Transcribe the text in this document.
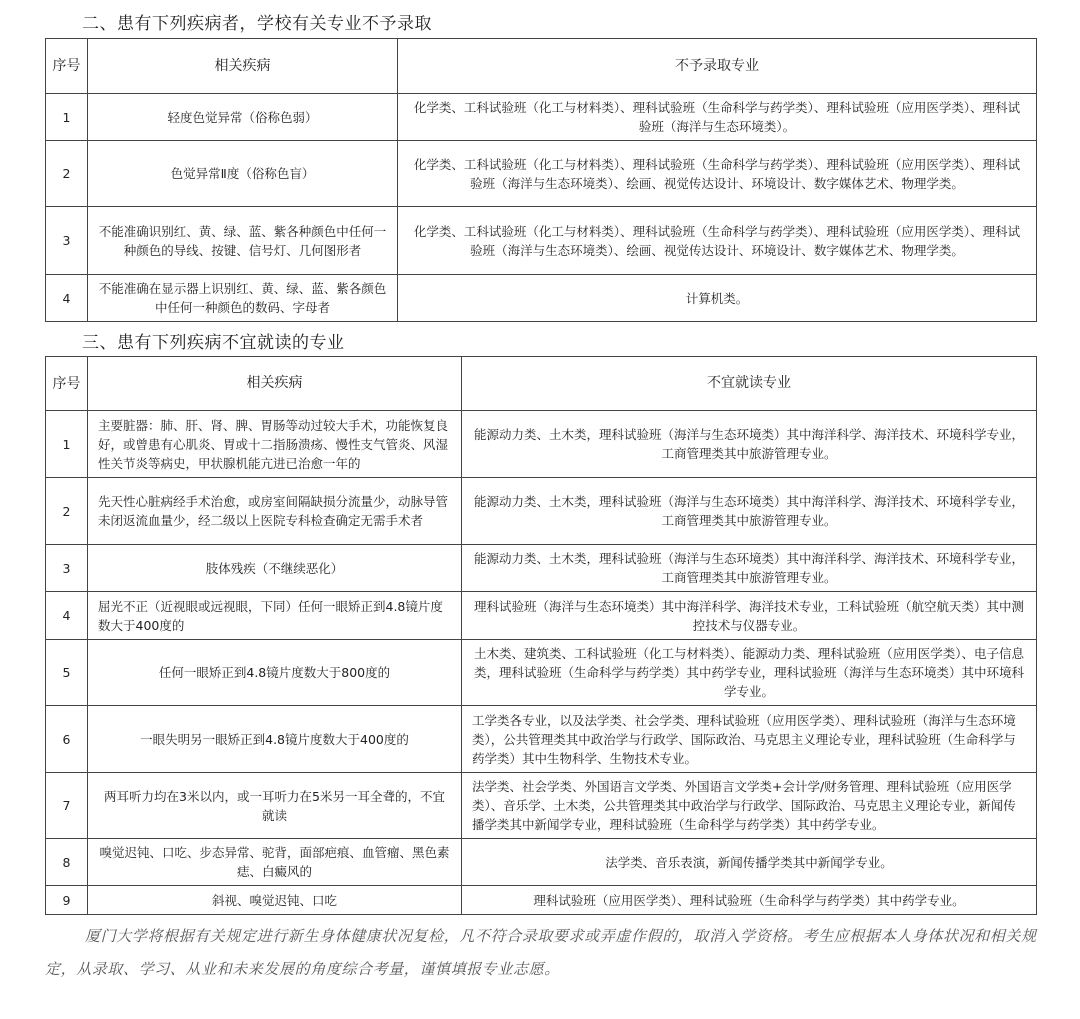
二、患有下列疾病者，学校有关专业不予录取
序号	相关疾病	不予录取专业
1	轻度色觉异常（俗称色弱）	化学类、工科试验班（化工与材料类）、理科试验班（生命科学与药学类）、理科试验班（应用医学类）、理科试验班（海洋与生态环境类）。
2	色觉异常Ⅱ度（俗称色盲）	化学类、工科试验班（化工与材料类）、理科试验班（生命科学与药学类）、理科试验班（应用医学类）、理科试验班（海洋与生态环境类）、绘画、视觉传达设计、环境设计、数字媒体艺术、物理学类。
3	不能准确识别红、黄、绿、蓝、紫各种颜色中任何一种颜色的导线、按键、信号灯、几何图形者	化学类、工科试验班（化工与材料类）、理科试验班（生命科学与药学类）、理科试验班（应用医学类）、理科试验班（海洋与生态环境类）、绘画、视觉传达设计、环境设计、数字媒体艺术、物理学类。
4	不能准确在显示器上识别红、黄、绿、蓝、紫各颜色中任何一种颜色的数码、字母者	计算机类。
三、患有下列疾病不宜就读的专业
序号	相关疾病	不宜就读专业
1	主要脏器：肺、肝、肾、脾、胃肠等动过较大手术，功能恢复良好，或曾患有心肌炎、胃或十二指肠溃疡、慢性支气管炎、风湿性关节炎等病史，甲状腺机能亢进已治愈一年的	能源动力类、土木类，理科试验班（海洋与生态环境类）其中海洋科学、海洋技术、环境科学专业，工商管理类其中旅游管理专业。
2	先天性心脏病经手术治愈，或房室间隔缺损分流量少，动脉导管未闭返流血量少，经二级以上医院专科检查确定无需手术者	能源动力类、土木类，理科试验班（海洋与生态环境类）其中海洋科学、海洋技术、环境科学专业，工商管理类其中旅游管理专业。
3	肢体残疾（不继续恶化）	能源动力类、土木类，理科试验班（海洋与生态环境类）其中海洋科学、海洋技术、环境科学专业，工商管理类其中旅游管理专业。
4	屈光不正（近视眼或远视眼，下同）任何一眼矫正到4.8镜片度数大于400度的	理科试验班（海洋与生态环境类）其中海洋科学、海洋技术专业，工科试验班（航空航天类）其中测控技术与仪器专业。
5	任何一眼矫正到4.8镜片度数大于800度的	土木类、建筑类、工科试验班（化工与材料类）、能源动力类、理科试验班（应用医学类）、电子信息类，理科试验班（生命科学与药学类）其中药学专业，理科试验班（海洋与生态环境类）其中环境科学专业。
6	一眼失明另一眼矫正到4.8镜片度数大于400度的	工学类各专业，以及法学类、社会学类、理科试验班（应用医学类）、理科试验班（海洋与生态环境类），公共管理类其中政治学与行政学、国际政治、马克思主义理论专业，理科试验班（生命科学与药学类）其中生物科学、生物技术专业。
7	两耳听力均在3米以内，或一耳听力在5米另一耳全聋的，不宜就读	法学类、社会学类、外国语言文学类、外国语言文学类+会计学/财务管理、理科试验班（应用医学类）、音乐学、土木类，公共管理类其中政治学与行政学、国际政治、马克思主义理论专业，新闻传播学类其中新闻学专业，理科试验班（生命科学与药学类）其中药学专业。
8	嗅觉迟钝、口吃、步态异常、驼背，面部疤痕、血管瘤、黑色素痣、白癜风的	法学类、音乐表演，新闻传播学类其中新闻学专业。
9	斜视、嗅觉迟钝、口吃	理科试验班（应用医学类）、理科试验班（生命科学与药学类）其中药学专业。
厦门大学将根据有关规定进行新生身体健康状况复检，凡不符合录取要求或弄虚作假的，取消入学资格。考生应根据本人身体状况和相关规定，从录取、学习、从业和未来发展的角度综合考量，谨慎填报专业志愿。
